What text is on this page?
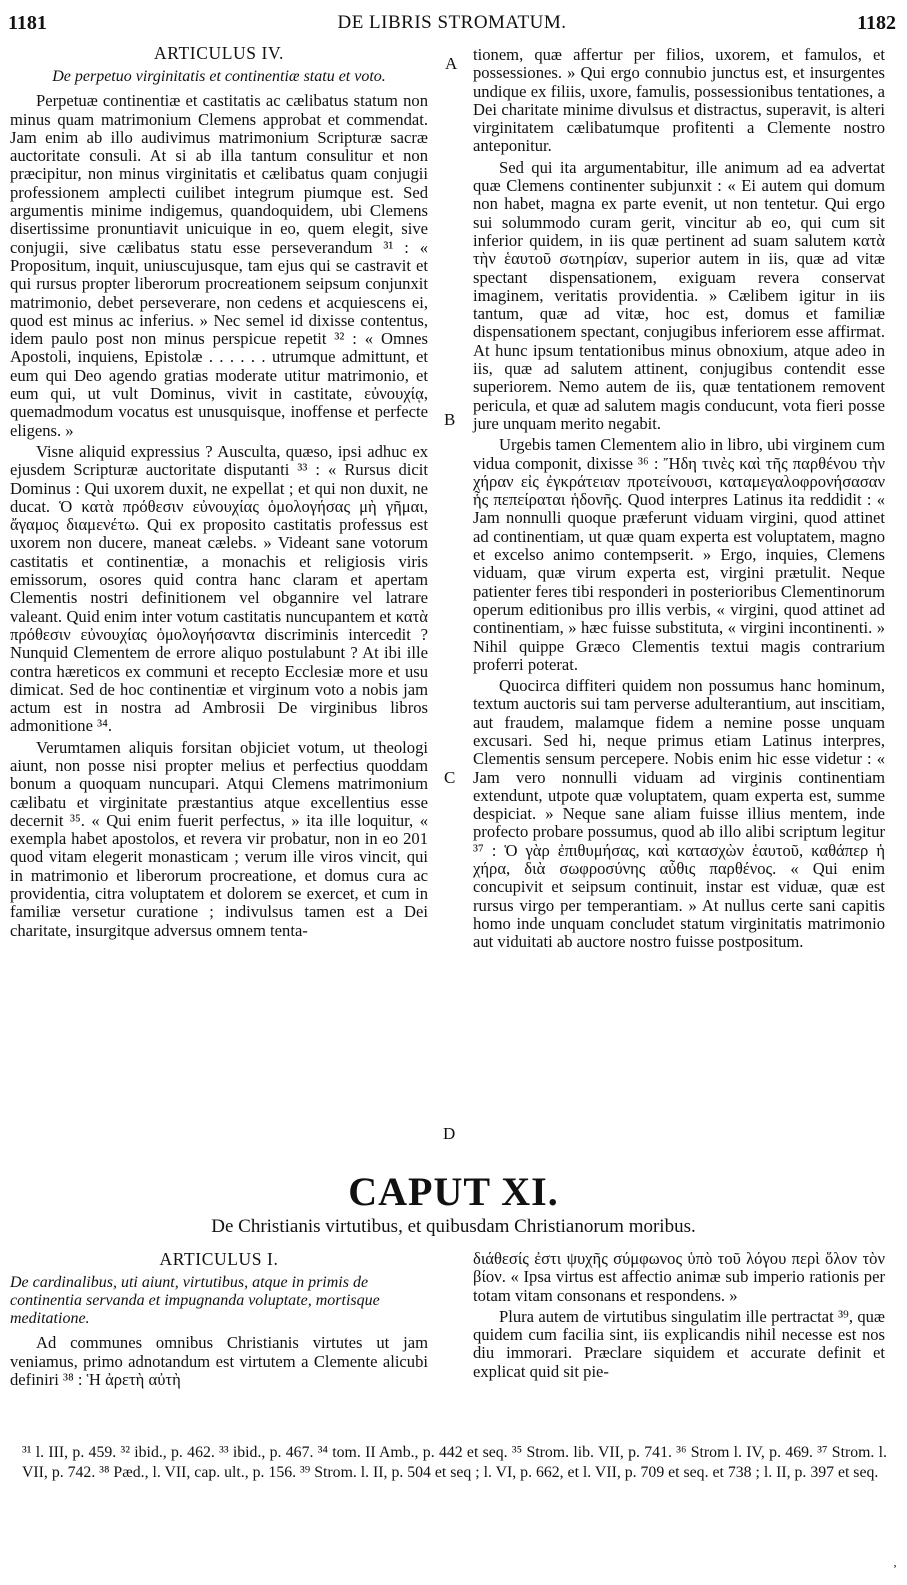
1181	DE LIBRIS STROMATUM.	1182
ARTICULUS IV.
De perpetuo virginitatis et continentiæ statu et voto.

Perpetuæ continentiæ et castitatis ac cælibatus statum non minus quam matrimonium Clemens approbat et commendat. Jam enim ab illo audivimus matrimonium Scripturæ sacræ auctoritate consuli. At si ab illa tantum consulitur et non præcipitur, non minus virginitatis et cælibatus quam conjugii professionem amplecti cuilibet integrum piumque est. Sed argumentis minime indigemus, quandoquidem, ubi Clemens disertissime pronuntiavit unicuique in eo, quem elegit, sive conjugii, sive cælibatus statu esse perseverandum ³¹ : « Propositum, inquit, uniuscujusque, tam ejus qui se castravit et qui rursus propter liberorum procreationem seipsum conjunxit matrimonio, debet perseverare, non cedens et acquiescens ei, quod est minus ac inferius. » Nec semel id dixisse contentus, idem paulo post non minus perspicue repetit ³² : « Omnes Apostoli, inquiens, Epistolæ . . . . . . utrumque admittunt, et eum qui Deo agendo gratias moderate utitur matrimonio, et eum qui, ut vult Dominus, vivit in castitate, εὐνουχίᾳ, quemadmodum vocatus est unusquisque, inoffense et perfecte eligens. »

Visne aliquid expressius ? Ausculta, quæso, ipsi adhuc ex ejusdem Scripturæ auctoritate disputanti ³³ : « Rursus dicit Dominus : Qui uxorem duxit, ne expellat ; et qui non duxit, ne ducat. Ὁ κατὰ πρόθεσιν εὐνουχίας ὁμολογήσας μὴ γῆμαι, ἄγαμος διαμενέτω. Qui ex proposito castitatis professus est uxorem non ducere, maneat cælebs. » Videant sane votorum castitatis et continentiæ, a monachis et religiosis viris emissorum, osores quid contra hanc claram et apertam Clementis nostri definitionem vel obgannire vel latrare valeant. Quid enim inter votum castitatis nuncupantem et κατὰ πρόθεσιν εὐνουχίας ὁμολογήσαντα discriminis intercedit ? Nunquid Clementem de errore aliquo postulabunt ? At ibi ille contra hæreticos ex communi et recepto Ecclesiæ more et usu dimicat. Sed de hoc continentiæ et virginum voto a nobis jam actum est in nostra ad Ambrosii De virginibus libros admonitione ³⁴.

Verumtamen aliquis forsitan objiciet votum, ut theologi aiunt, non posse nisi propter melius et perfectius quoddam bonum a quoquam nuncupari. Atqui Clemens matrimonium cælibatu et virginitate præstantius atque excellentius esse decernit ³⁵. « Qui enim fuerit perfectus, » ita ille loquitur, « exempla habet apostolos, et revera vir probatur, non in eo 201 quod vitam elegerit monasticam ; verum ille viros vincit, qui in matrimonio et liberorum procreatione, et domus cura ac providentia, citra voluptatem et dolorem se exercet, et cum in familiæ versetur curatione ; indivulsus tamen est a Dei charitate, insurgitque adversus omnem tenta-

tionem, quæ affertur per filios, uxorem, et famulos, et possessiones. » Qui ergo connubio junctus est, et insurgentes undique ex filiis, uxore, famulis, possessionibus tentationes, a Dei charitate minime divulsus et distractus, superavit, is alteri virginitatem cælibatumque profitenti a Clemente nostro anteponitur.

Sed qui ita argumentabitur, ille animum ad ea advertat quæ Clemens continenter subjunxit : « Ei autem qui domum non habet, magna ex parte evenit, ut non tentetur. Qui ergo sui solummodo curam gerit, vincitur ab eo, qui cum sit inferior quidem, in iis quæ pertinent ad suam salutem κατὰ τὴν ἑαυτοῦ σωτηρίαν, superior autem in iis, quæ ad vitæ spectant dispensationem, exiguam revera conservat imaginem, veritatis providentia. » Cælibem igitur in iis tantum, quæ ad vitæ, hoc est, domus et familiæ dispensationem spectant, conjugibus inferiorem esse affirmat. At hunc ipsum tentationibus minus obnoxium, atque adeo in iis, quæ ad salutem attinent, conjugibus contendit esse superiorem. Nemo autem de iis, quæ tentationem removent pericula, et quæ ad salutem magis conducunt, vota fieri posse jure unquam merito negabit.

Urgebis tamen Clementem alio in libro, ubi virginem cum vidua componit, dixisse ³⁶ : Ἤδη τινὲς καὶ τῆς παρθένου τὴν χήραν εἰς ἐγκράτειαν προτείνουσι, καταμεγαλοφρονήσασαν ἧς πεπείραται ἡδονῆς. Quod interpres Latinus ita reddidit : « Jam nonnulli quoque præferunt viduam virgini, quod attinet ad continentiam, ut quæ quam experta est voluptatem, magno et excelso animo contempserit. » Ergo, inquies, Clemens viduam, quæ virum experta est, virgini prætulit. Neque patienter feres tibi responderi in posterioribus Clementinorum operum editionibus pro illis verbis, « virgini, quod attinet ad continentiam, » hæc fuisse substituta, « virgini incontinenti. » Nihil quippe Græco Clementis textui magis contrarium proferri poterat.

Quocirca diffiteri quidem non possumus hanc hominum, textum auctoris sui tam perverse adulterantium, aut inscitiam, aut fraudem, malamque fidem a nemine posse unquam excusari. Sed hi, neque primus etiam Latinus interpres, Clementis sensum percepere. Nobis enim hic esse videtur : « Jam vero nonnulli viduam ad virginis continentiam extendunt, utpote quæ voluptatem, quam experta est, summe despiciat. » Neque sane aliam fuisse illius mentem, inde profecto probare possumus, quod ab illo alibi scriptum legitur ³⁷ : Ὁ γὰρ ἐπιθυμήσας, καὶ κατασχὼν ἑαυτοῦ, καθάπερ ἡ χήρα, διὰ σωφροσύνης αὖθις παρθένος. « Qui enim concupivit et seipsum continuit, instar est viduæ, quæ est rursus virgo per temperantiam. » At nullus certe sani capitis homo inde unquam concludet statum virginitatis matrimonio aut viduitati ab auctore nostro fuisse postpositum.

A
B
C
D
CAPUT XI.
De Christianis virtutibus, et quibusdam Christianorum moribus.
ARTICULUS I.
De cardinalibus, uti aiunt, virtutibus, atque in primis de continentia servanda et impugnanda voluptate, mortisque meditatione.

Ad communes omnibus Christianis virtutes ut jam veniamus, primo adnotandum est virtutem a Clemente alicubi definiri ³⁸ : Ἡ ἀρετὴ αὐτὴ

διάθεσίς ἐστι ψυχῆς σύμφωνος ὑπὸ τοῦ λόγου περὶ ὅλον τὸν βίον. « Ipsa virtus est affectio animæ sub imperio rationis per totam vitam consonans et respondens. »

Plura autem de virtutibus singulatim ille pertractat ³⁹, quæ quidem cum facilia sint, iis explicandis nihil necesse est nos diu immorari. Præclare siquidem et accurate definit et explicat quid sit pie-

³¹ l. III, p. 459. ³² ibid., p. 462. ³³ ibid., p. 467. ³⁴ tom. II Amb., p. 442 et seq. ³⁵ Strom. lib. VII, p. 741. ³⁶ Strom l. IV, p. 469. ³⁷ Strom. l. VII, p. 742. ³⁸ Pæd., l. VII, cap. ult., p. 156. ³⁹ Strom. l. II, p. 504 et seq ; l. VI, p. 662, et l. VII, p. 709 et seq. et 738 ; l. II, p. 397 et seq.
ʼ
